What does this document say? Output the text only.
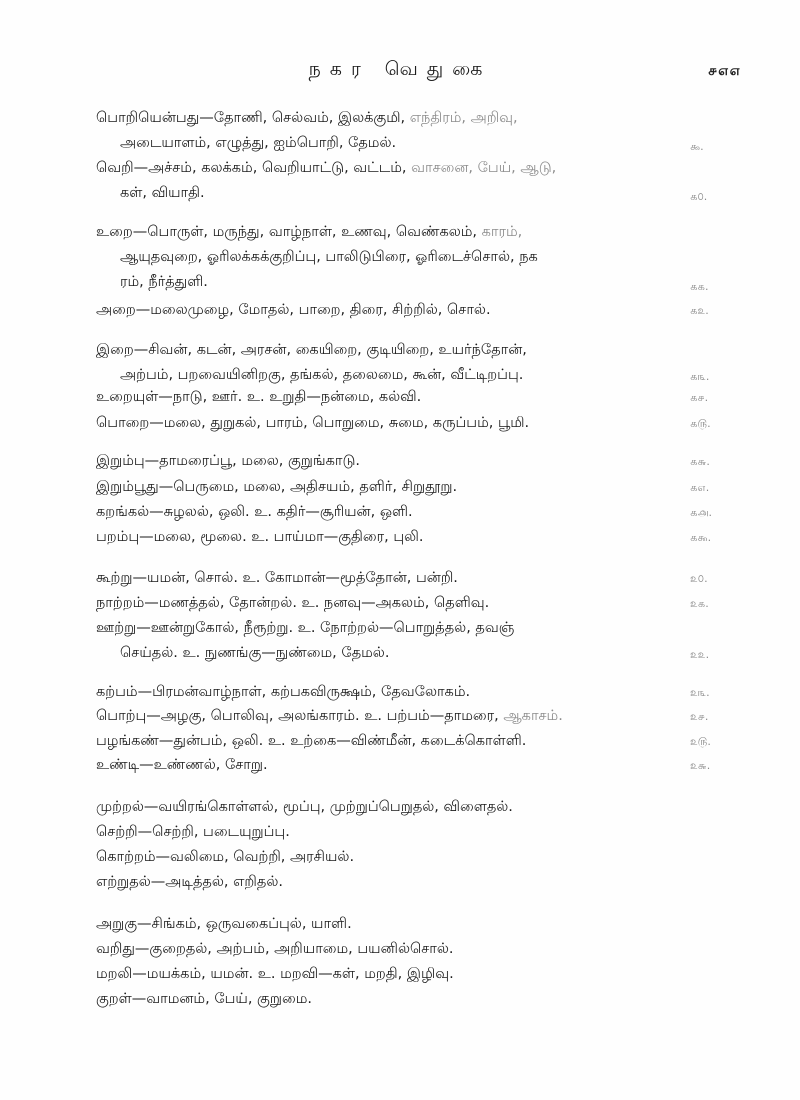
நகர வெதுகை	௪௭௭
பொறியென்பது—தோணி, செல்வம், இலக்குமி, எந்திரம், அறிவு,
அடையாளம், எழுத்து, ஐம்பொறி, தேமல்.	௯.
வெறி—அச்சம், கலக்கம், வெறியாட்டு, வட்டம், வாசனை, பேய், ஆடு,
கள், வியாதி.	௧௦.
உறை—பொருள், மருந்து, வாழ்நாள், உணவு, வெண்கலம், காரம்,
ஆயுதவுறை, ஓரிலக்கக்குறிப்பு, பாலிடுபிரை, ஓரிடைச்சொல், நக
ரம், நீர்த்துளி.	௧௧.
அறை—மலைமுழை, மோதல், பாறை, திரை, சிற்றில், சொல்.	௧௨.
இறை—சிவன், கடன், அரசன், கையிறை, குடியிறை, உயர்ந்தோன்,
அற்பம், பறவையினிறகு, தங்கல், தலைமை, கூன், வீட்டிறப்பு.	௧௩.
உறையுள்—நாடு, ஊர். உ. உறுதி—நன்மை, கல்வி.	௧௪.
பொறை—மலை, துறுகல், பாரம், பொறுமை, சுமை, கருப்பம், பூமி.	௧௫.
இறும்பு—தாமரைப்பூ, மலை, குறுங்காடு.	௧௬.
இறும்பூது—பெருமை, மலை, அதிசயம், தளிர், சிறுதூறு.	௧௭.
கறங்கல்—சுழலல், ஒலி. உ. கதிர்—சூரியன், ஒளி.	௧௮.
பறம்பு—மலை, மூலை. உ. பாய்மா—குதிரை, புலி.	௧௯.
கூற்று—யமன், சொல். உ. கோமான்—மூத்தோன், பன்றி.	௨௦.
நாற்றம்—மணத்தல், தோன்றல். உ. நனவு—அகலம், தெளிவு.	௨௧.
ஊற்று—ஊன்றுகோல், நீரூற்று. உ. நோற்றல்—பொறுத்தல், தவஞ்
செய்தல். உ. நுணங்கு—நுண்மை, தேமல்.	௨௨.
கற்பம்—பிரமன்வாழ்நாள், கற்பகவிருக்ஷம், தேவலோகம்.	௨௩.
பொற்பு—அழகு, பொலிவு, அலங்காரம். உ. பற்பம்—தாமரை, ஆகாசம்.	௨௪.
பழங்கண்—துன்பம், ஒலி. உ. உற்கை—விண்மீன், கடைக்கொள்ளி.	௨௫.
உண்டி—உண்ணல், சோறு.	௨௬.
முற்றல்—வயிரங்கொள்ளல், மூப்பு, முற்றுப்பெறுதல், விளைதல்.
செற்றி—செற்றி, படையுறுப்பு.
கொற்றம்—வலிமை, வெற்றி, அரசியல்.
எற்றுதல்—அடித்தல், எறிதல்.
அறுகு—சிங்கம், ஒருவகைப்புல், யாளி.
வறிது—குறைதல், அற்பம், அறியாமை, பயனில்சொல்.
மறலி—மயக்கம், யமன். உ. மறவி—கள், மறதி, இழிவு.
குறள்—வாமனம், பேய், குறுமை.
